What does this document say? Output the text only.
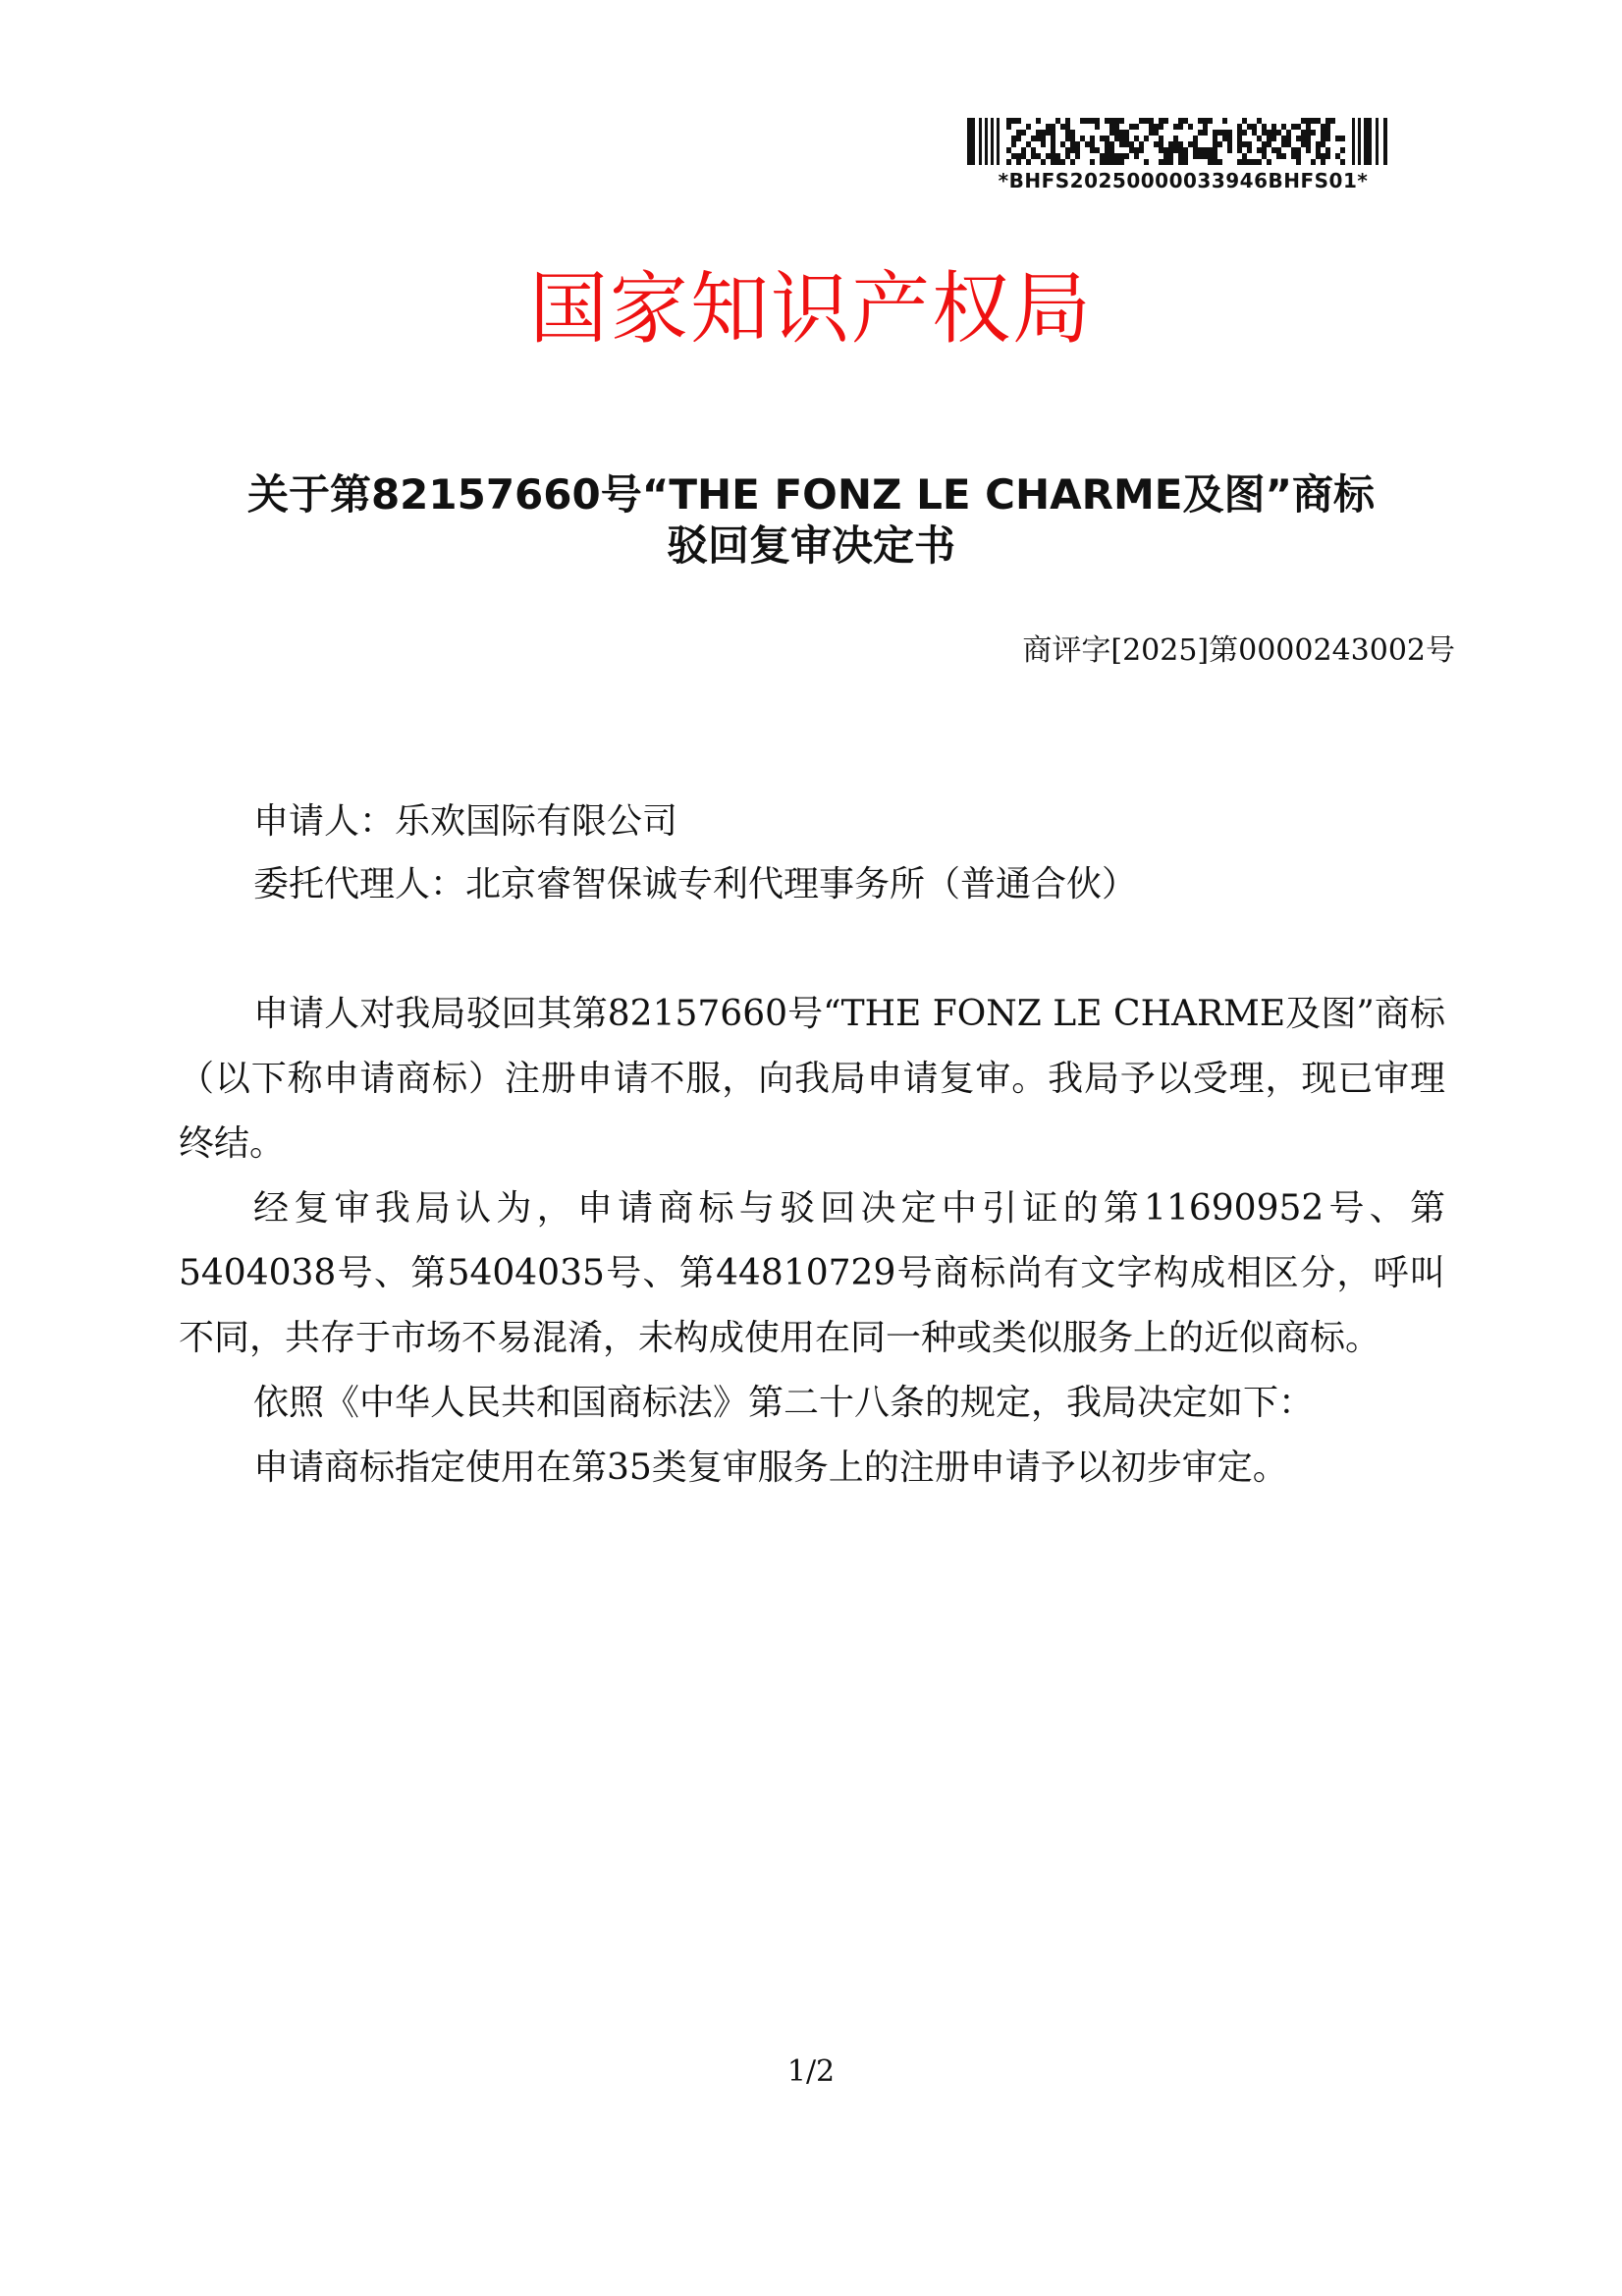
*BHFS20250000033946BHFS01*
国家知识产权局
关于第82157660号“THE FONZ LE CHARME及图”商标
驳回复审决定书
商评字[2025]第0000243002号
申请人：乐欢国际有限公司
委托代理人：北京睿智保诚专利代理事务所（普通合伙）

申请人对我局驳回其第82157660号“THE FONZ LE CHARME及图”商标（以下称申请商标）注册申请不服，向我局申请复审。我局予以受理，现已审理终结。

经复审我局认为，申请商标与驳回决定中引证的第11690952号、第5404038号、第5404035号、第44810729号商标尚有文字构成相区分，呼叫不同，共存于市场不易混淆，未构成使用在同一种或类似服务上的近似商标。

依照《中华人民共和国商标法》第二十八条的规定，我局决定如下：

申请商标指定使用在第35类复审服务上的注册申请予以初步审定。

1/2
